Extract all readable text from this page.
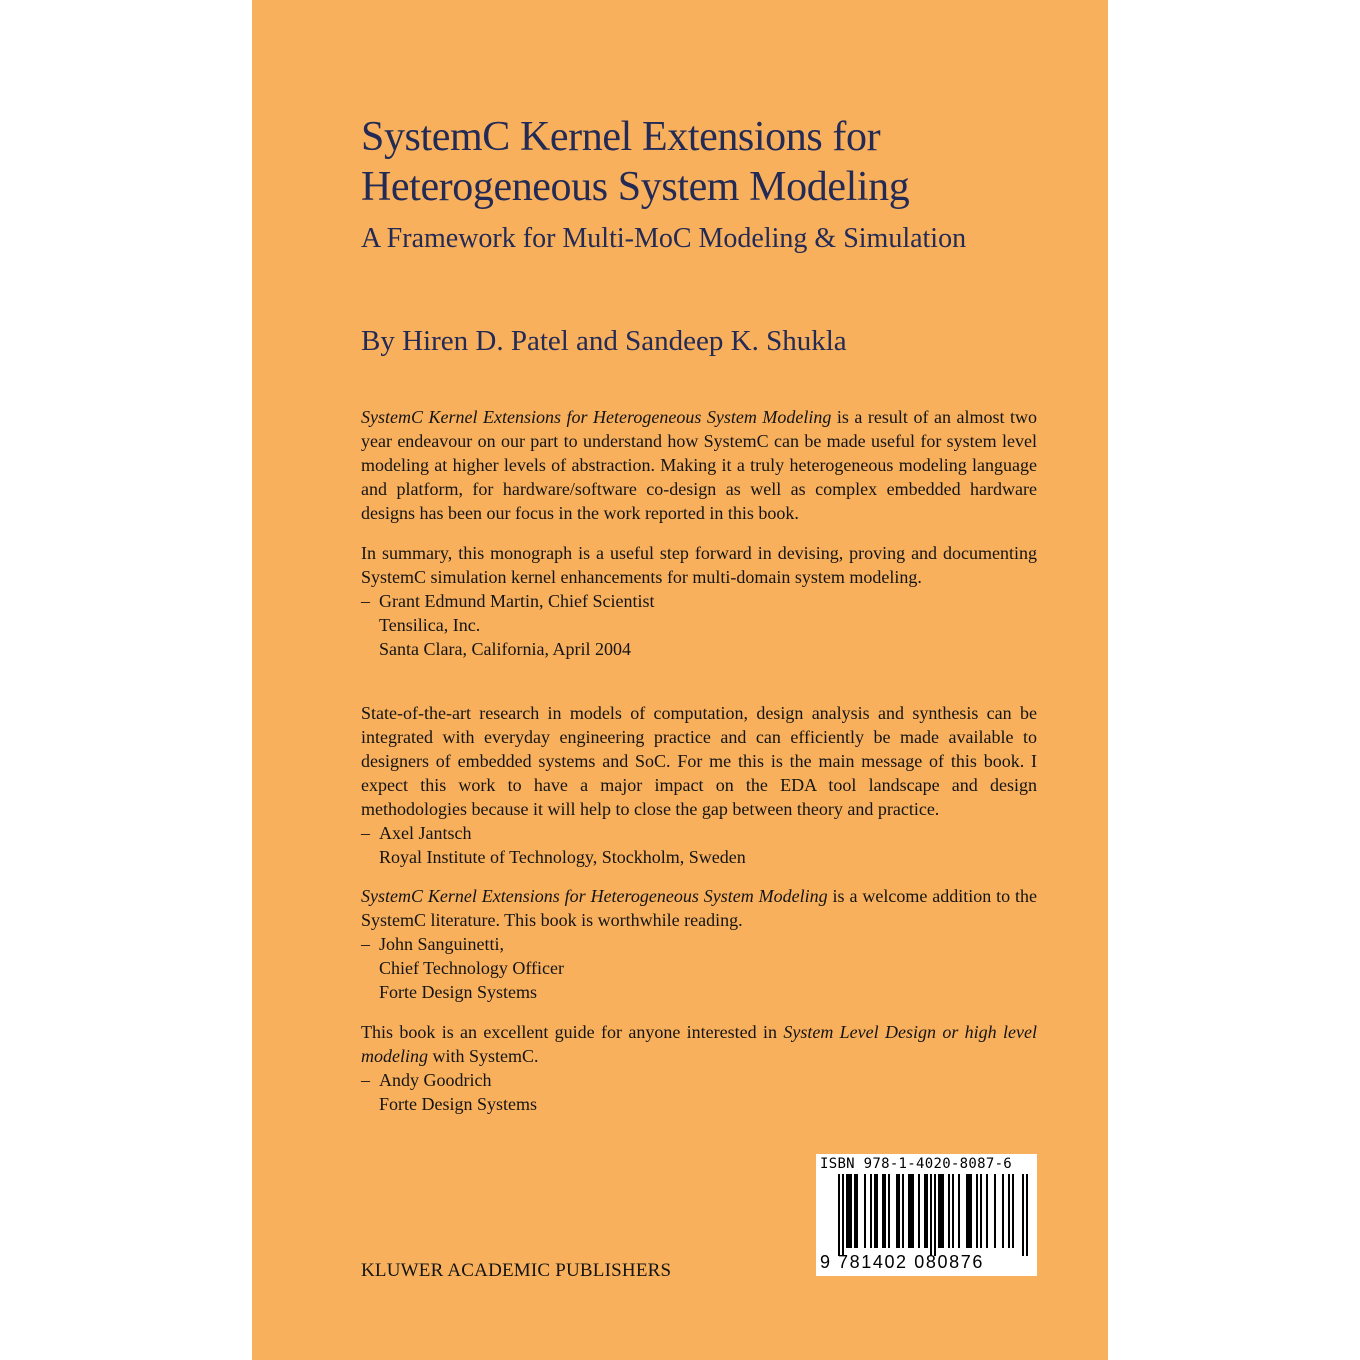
SystemC Kernel Extensions for
Heterogeneous System Modeling
A Framework for Multi-MoC Modeling & Simulation
By Hiren D. Patel and Sandeep K. Shukla

SystemC Kernel Extensions for Heterogeneous System Modeling is a result of an almost two year endeavour on our part to understand how SystemC can be made useful for system level modeling at higher levels of abstraction. Making it a truly heterogeneous modeling language and platform, for hardware/software co-design as well as complex embedded hardware designs has been our focus in the work reported in this book.

In summary, this monograph is a useful step forward in devising, proving and documenting SystemC simulation kernel enhancements for multi-domain system modeling.

– Grant Edmund Martin, Chief Scientist
Tensilica, Inc.
Santa Clara, California, April 2004

State-of-the-art research in models of computation, design analysis and synthesis can be integrated with everyday engineering practice and can efficiently be made available to designers of embedded systems and SoC. For me this is the main message of this book. I expect this work to have a major impact on the EDA tool landscape and design methodologies because it will help to close the gap between theory and practice.

– Axel Jantsch
Royal Institute of Technology, Stockholm, Sweden

SystemC Kernel Extensions for Heterogeneous System Modeling is a welcome addition to the SystemC literature. This book is worthwhile reading.

– John Sanguinetti,
Chief Technology Officer
Forte Design Systems

This book is an excellent guide for anyone interested in System Level Design or high level modeling with SystemC.

– Andy Goodrich
Forte Design Systems
KLUWER ACADEMIC PUBLISHERS
ISBN 978-1-4020-8087-6
9 781402 080876
